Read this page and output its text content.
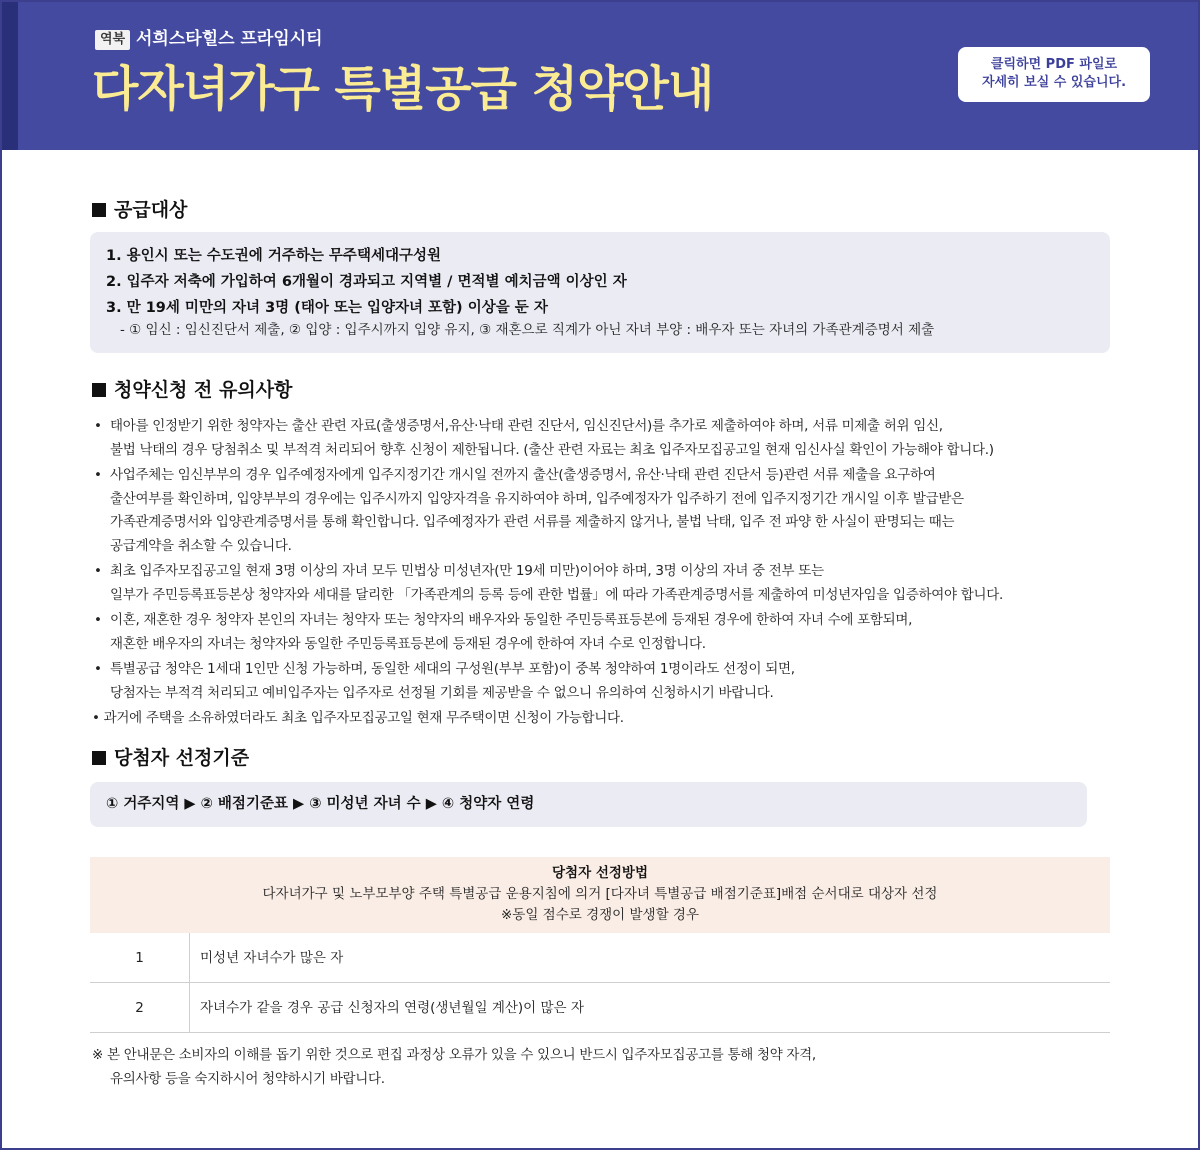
역북 서희스타힐스 프라임시티
다자녀가구 특별공급 청약안내	클릭하면 PDF 파일로
자세히 보실 수 있습니다.
공급대상
1. 용인시 또는 수도권에 거주하는 무주택세대구성원
2. 입주자 저축에 가입하여 6개월이 경과되고 지역별 / 면적별 예치금액 이상인 자
3. 만 19세 미만의 자녀 3명 (태아 또는 입양자녀 포함) 이상을 둔 자
- ① 임신 : 임신진단서 제출, ② 입양 : 입주시까지 입양 유지, ③ 재혼으로 직계가 아닌 자녀 부양 : 배우자 또는 자녀의 가족관계증명서 제출
청약신청 전 유의사항
• 태아를 인정받기 위한 청약자는 출산 관련 자료(출생증명서,유산·낙태 관련 진단서, 임신진단서)를 추가로 제출하여야 하며, 서류 미제출 허위 임신,
불법 낙태의 경우 당첨취소 및 부적격 처리되어 향후 신청이 제한됩니다. (출산 관련 자료는 최초 입주자모집공고일 현재 임신사실 확인이 가능해야 합니다.)
• 사업주체는 임신부부의 경우 입주예정자에게 입주지정기간 개시일 전까지 출산(출생증명서, 유산·낙태 관련 진단서 등)관련 서류 제출을 요구하여
출산여부를 확인하며, 입양부부의 경우에는 입주시까지 입양자격을 유지하여야 하며, 입주예정자가 입주하기 전에 입주지정기간 개시일 이후 발급받은
가족관계증명서와 입양관계증명서를 통해 확인합니다. 입주예정자가 관련 서류를 제출하지 않거나, 불법 낙태, 입주 전 파양 한 사실이 판명되는 때는
공급계약을 취소할 수 있습니다.
• 최초 입주자모집공고일 현재 3명 이상의 자녀 모두 민법상 미성년자(만 19세 미만)이어야 하며, 3명 이상의 자녀 중 전부 또는
일부가 주민등록표등본상 청약자와 세대를 달리한 「가족관계의 등록 등에 관한 법률」에 따라 가족관계증명서를 제출하여 미성년자임을 입증하여야 합니다.
• 이혼, 재혼한 경우 청약자 본인의 자녀는 청약자 또는 청약자의 배우자와 동일한 주민등록표등본에 등재된 경우에 한하여 자녀 수에 포함되며,
재혼한 배우자의 자녀는 청약자와 동일한 주민등록표등본에 등재된 경우에 한하여 자녀 수로 인정합니다.
• 특별공급 청약은 1세대 1인만 신청 가능하며, 동일한 세대의 구성원(부부 포함)이 중복 청약하여 1명이라도 선정이 되면,
당첨자는 부적격 처리되고 예비입주자는 입주자로 선정될 기회를 제공받을 수 없으니 유의하여 신청하시기 바랍니다.
• 과거에 주택을 소유하였더라도 최초 입주자모집공고일 현재 무주택이면 신청이 가능합니다.
당첨자 선정기준
① 거주지역 ▶ ② 배점기준표 ▶ ③ 미성년 자녀 수 ▶ ④ 청약자 연령
당첨자 선정방법
다자녀가구 및 노부모부양 주택 특별공급 운용지침에 의거 [다자녀 특별공급 배점기준표]배점 순서대로 대상자 선정
※동일 점수로 경쟁이 발생할 경우
1	미성년 자녀수가 많은 자
2	자녀수가 같을 경우 공급 신청자의 연령(생년월일 계산)이 많은 자
※ 본 안내문은 소비자의 이해를 돕기 위한 것으로 편집 과정상 오류가 있을 수 있으니 반드시 입주자모집공고를 통해 청약 자격,
유의사항 등을 숙지하시어 청약하시기 바랍니다.
